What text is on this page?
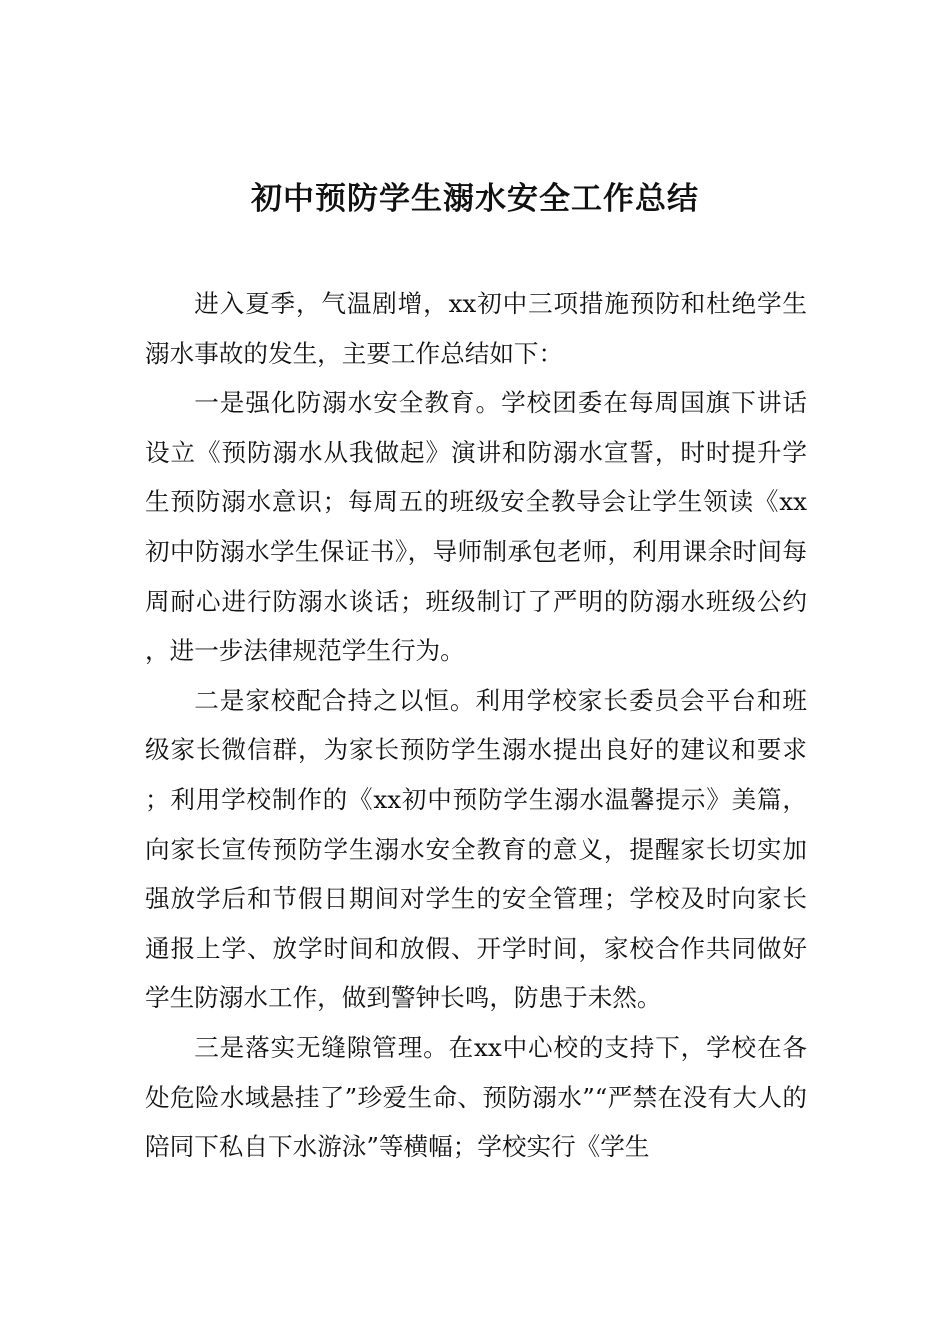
初中预防学生溺水安全工作总结

进入夏季，气温剧增，xx初中三项措施预防和杜绝学生溺水事故的发生，主要工作总结如下：

一是强化防溺水安全教育。学校团委在每周国旗下讲话设立《预防溺水从我做起》演讲和防溺水宣誓，时时提升学生预防溺水意识；每周五的班级安全教导会让学生领读《xx初中防溺水学生保证书》，导师制承包老师，利用课余时间每周耐心进行防溺水谈话；班级制订了严明的防溺水班级公约，进一步法律规范学生行为。

二是家校配合持之以恒。利用学校家长委员会平台和班级家长微信群，为家长预防学生溺水提出良好的建议和要求；利用学校制作的《xx初中预防学生溺水温馨提示》美篇，向家长宣传预防学生溺水安全教育的意义，提醒家长切实加强放学后和节假日期间对学生的安全管理；学校及时向家长通报上学、放学时间和放假、开学时间，家校合作共同做好学生防溺水工作，做到警钟长鸣，防患于未然。

三是落实无缝隙管理。在xx中心校的支持下，学校在各处危险水域悬挂了”珍爱生命、预防溺水”“严禁在没有大人的陪同下私自下水游泳”等横幅；学校实行《学生
